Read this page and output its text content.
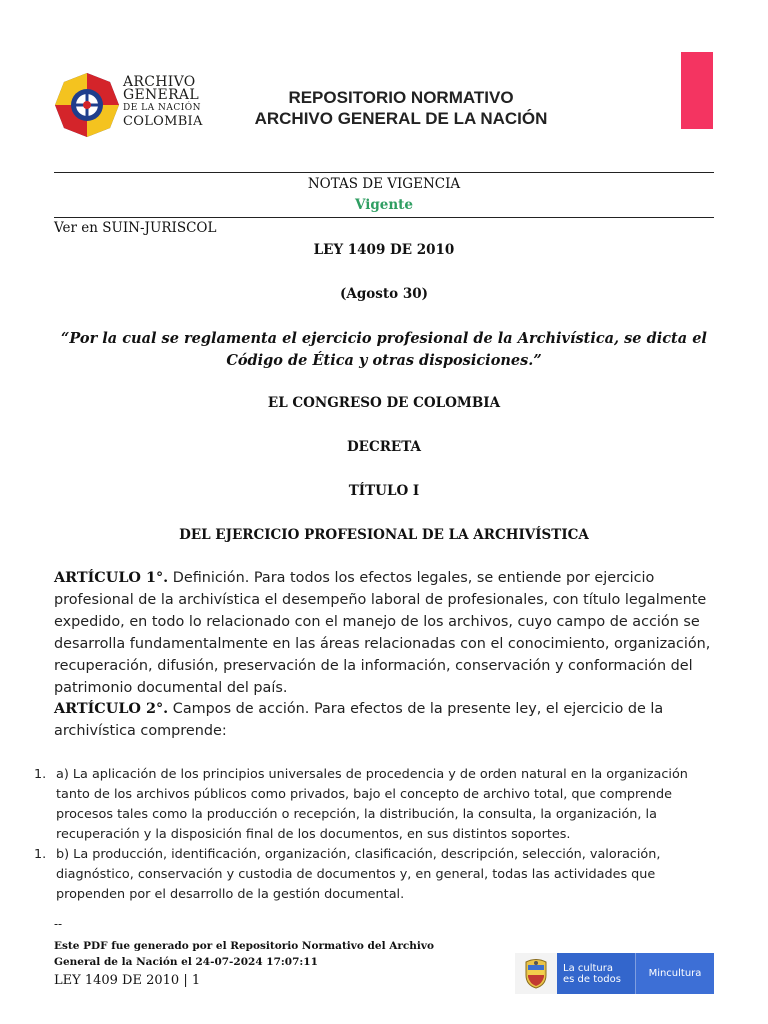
ARCHIVO
GENERAL
DE LA NACIÓN
COLOMBIA
REPOSITORIO NORMATIVO
ARCHIVO GENERAL DE LA NACIÓN
NOTAS DE VIGENCIA
Vigente
Ver en SUIN-JURISCOL
LEY 1409 DE 2010
(Agosto 30)
“Por la cual se reglamenta el ejercicio profesional de la Archivística, se dicta el
Código de Ética y otras disposiciones.”
EL CONGRESO DE COLOMBIA
DECRETA
TÍTULO I
DEL EJERCICIO PROFESIONAL DE LA ARCHIVÍSTICA
ARTÍCULO 1°. Definición. Para todos los efectos legales, se entiende por ejercicio profesional de la archivística el desempeño laboral de profesionales, con título legalmente expedido, en todo lo relacionado con el manejo de los archivos, cuyo campo de acción se desarrolla fundamentalmente en las áreas relacionadas con el conocimiento, organización, recuperación, difusión, preservación de la información, conservación y conformación del patrimonio documental del país.
ARTÍCULO 2°. Campos de acción. Para efectos de la presente ley, el ejercicio de la archivística comprende:
1. a) La aplicación de los principios universales de procedencia y de orden natural en la organización tanto de los archivos públicos como privados, bajo el concepto de archivo total, que comprende procesos tales como la producción o recepción, la distribución, la consulta, la organización, la recuperación y la disposición final de los documentos, en sus distintos soportes.
1. b) La producción, identificación, organización, clasificación, descripción, selección, valoración, diagnóstico, conservación y custodia de documentos y, en general, todas las actividades que propenden por el desarrollo de la gestión documental.
--
Este PDF fue generado por el Repositorio Normativo del Archivo General de la Nación el 24-07-2024 17:07:11
LEY 1409 DE 2010 | 1
La cultura
es de todos	Mincultura
